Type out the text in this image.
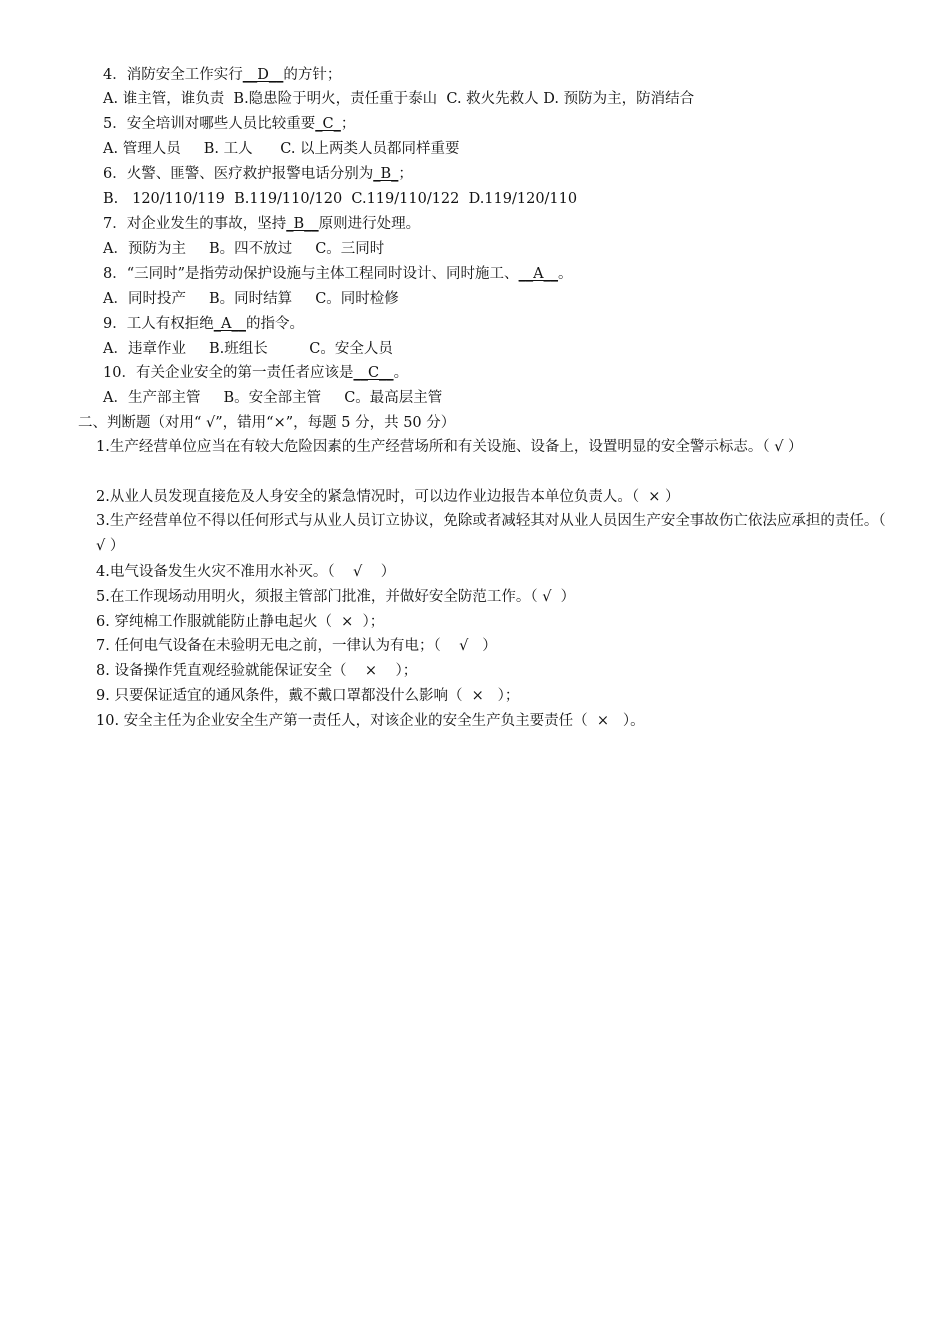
4．消防安全工作实行__D__的方针；
A. 谁主管，谁负责  B.隐患险于明火，责任重于泰山  C. 救火先救人 D. 预防为主，防消结合
5．安全培训对哪些人员比较重要_C_；
A. 管理人员     B. 工人      C. 以上两类人员都同样重要
6．火警、匪警、医疗救护报警电话分别为_B_；
B.   120/110/119  B.119/110/120  C.119/110/122  D.119/120/110
7．对企业发生的事故，坚持_B__原则进行处理。
A．预防为主     B。四不放过     C。三同时
8．“三同时”是指劳动保护设施与主体工程同时设计、同时施工、__A__。
A．同时投产     B。同时结算     C。同时检修
9．工人有权拒绝_A__的指令。
A．违章作业     B.班组长         C。安全人员
10．有关企业安全的第一责任者应该是__C__。
A．生产部主管     B。安全部主管     C。最高层主管
二、判断题（对用“ √”，错用“×”，每题 5 分，共 50 分）
1.生产经营单位应当在有较大危险因素的生产经营场所和有关设施、设备上，设置明显的安全警示标志。（ √ ）
2.从业人员发现直接危及人身安全的紧急情况时，可以边作业边报告本单位负责人。（  × ）
3.生产经营单位不得以任何形式与从业人员订立协议，免除或者减轻其对从业人员因生产安全事故伤亡依法应承担的责任。（ √ ）
4.电气设备发生火灾不准用水补灭。（    √    ）
5.在工作现场动用明火，须报主管部门批准，并做好安全防范工作。（ √  ）
6. 穿纯棉工作服就能防止静电起火（  ×  ）；
7. 任何电气设备在未验明无电之前，一律认为有电；（    √   ）
8. 设备操作凭直观经验就能保证安全（    ×    ）；
9. 只要保证适宜的通风条件，戴不戴口罩都没什么影响（  ×   ）；
10. 安全主任为企业安全生产第一责任人，对该企业的安全生产负主要责任（  ×   ）。
